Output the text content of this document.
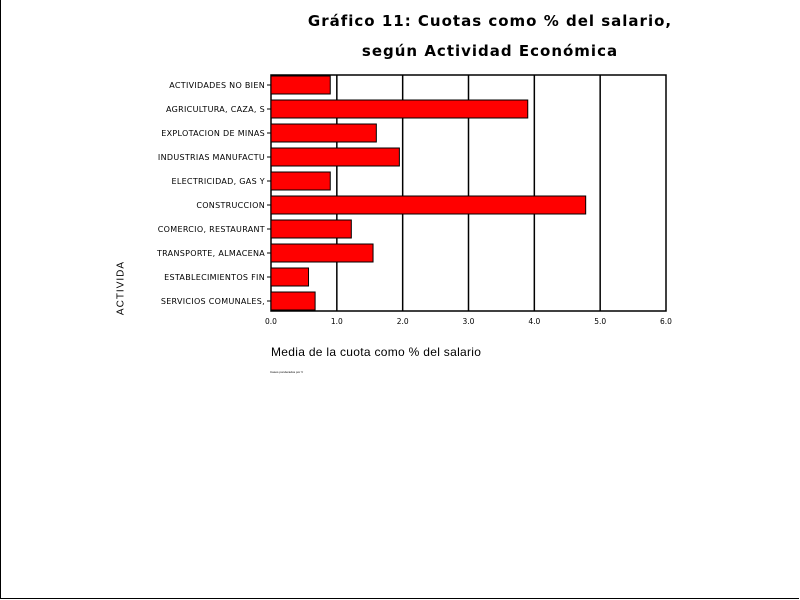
Gráfico 11: Cuotas como % del salario,
según Actividad Económica
0.0	1.0	2.0	3.0	4.0	5.0	6.0
ACTIVIDADES NO BIEN
AGRICULTURA, CAZA, S
EXPLOTACION DE MINAS
INDUSTRIAS MANUFACTU
ELECTRICIDAD, GAS Y
CONSTRUCCION
COMERCIO, RESTAURANT
TRANSPORTE, ALMACENA
ESTABLECIMIENTOS FIN
SERVICIOS COMUNALES,
Media de la cuota como % del salario
ACTIVIDA
Casos ponderados por V
